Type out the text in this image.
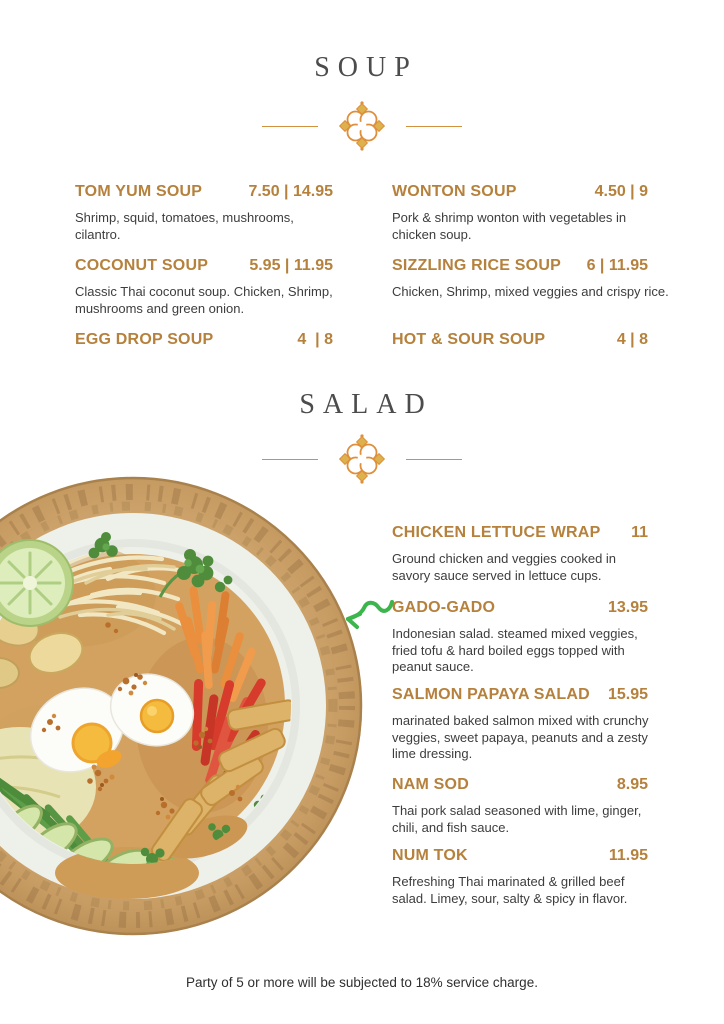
SOUP
TOM YUM SOUP	7.50 | 14.95

Shrimp, squid, tomatoes, mushrooms, cilantro.

WONTON SOUP	4.50 | 9

Pork & shrimp wonton with vegetables in chicken soup.

COCONUT SOUP	5.95 | 11.95

Classic Thai coconut soup. Chicken, Shrimp, mushrooms and green onion.

SIZZLING RICE SOUP 6 | 11.95

Chicken, Shrimp, mixed veggies and crispy rice.

EGG DROP SOUP	4  | 8	HOT & SOUR SOUP	4 | 8
SALAD
CHICKEN LETTUCE WRAP 11

Ground chicken and veggies cooked in savory sauce served in lettuce cups.

GADO-GADO	13.95

Indonesian salad. steamed mixed veggies, fried tofu & hard boiled eggs topped with peanut sauce.

SALMON PAPAYA SALAD 15.95

marinated baked salmon mixed with crunchy veggies, sweet papaya, peanuts and a zesty lime dressing.

NAM SOD	8.95

Thai pork salad seasoned with lime, ginger, chili, and fish sauce.

NUM TOK	11.95

Refreshing Thai marinated & grilled beef salad. Limey, sour, salty & spicy in flavor.

Party of 5 or more will be subjected to 18% service charge.
